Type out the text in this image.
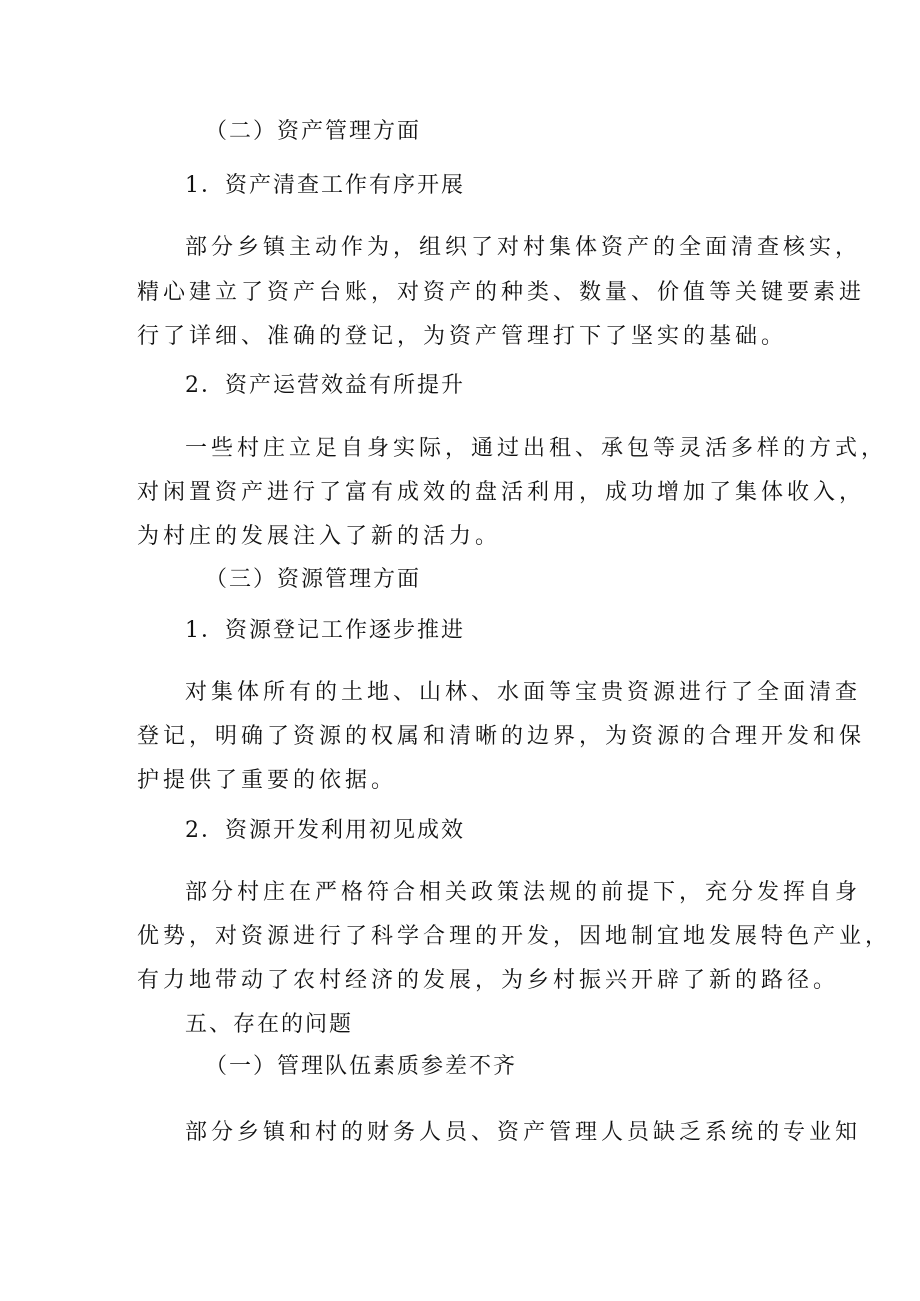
（二）资产管理方面
1．资产清查工作有序开展
部分乡镇主动作为，组织了对村集体资产的全面清查核实，
精心建立了资产台账，对资产的种类、数量、价值等关键要素进
行了详细、准确的登记，为资产管理打下了坚实的基础。
2．资产运营效益有所提升
一些村庄立足自身实际，通过出租、承包等灵活多样的方式，
对闲置资产进行了富有成效的盘活利用，成功增加了集体收入，
为村庄的发展注入了新的活力。
（三）资源管理方面
1．资源登记工作逐步推进
对集体所有的土地、山林、水面等宝贵资源进行了全面清查
登记，明确了资源的权属和清晰的边界，为资源的合理开发和保
护提供了重要的依据。
2．资源开发利用初见成效
部分村庄在严格符合相关政策法规的前提下，充分发挥自身
优势，对资源进行了科学合理的开发，因地制宜地发展特色产业，
有力地带动了农村经济的发展，为乡村振兴开辟了新的路径。
五、存在的问题
（一）管理队伍素质参差不齐
部分乡镇和村的财务人员、资产管理人员缺乏系统的专业知
